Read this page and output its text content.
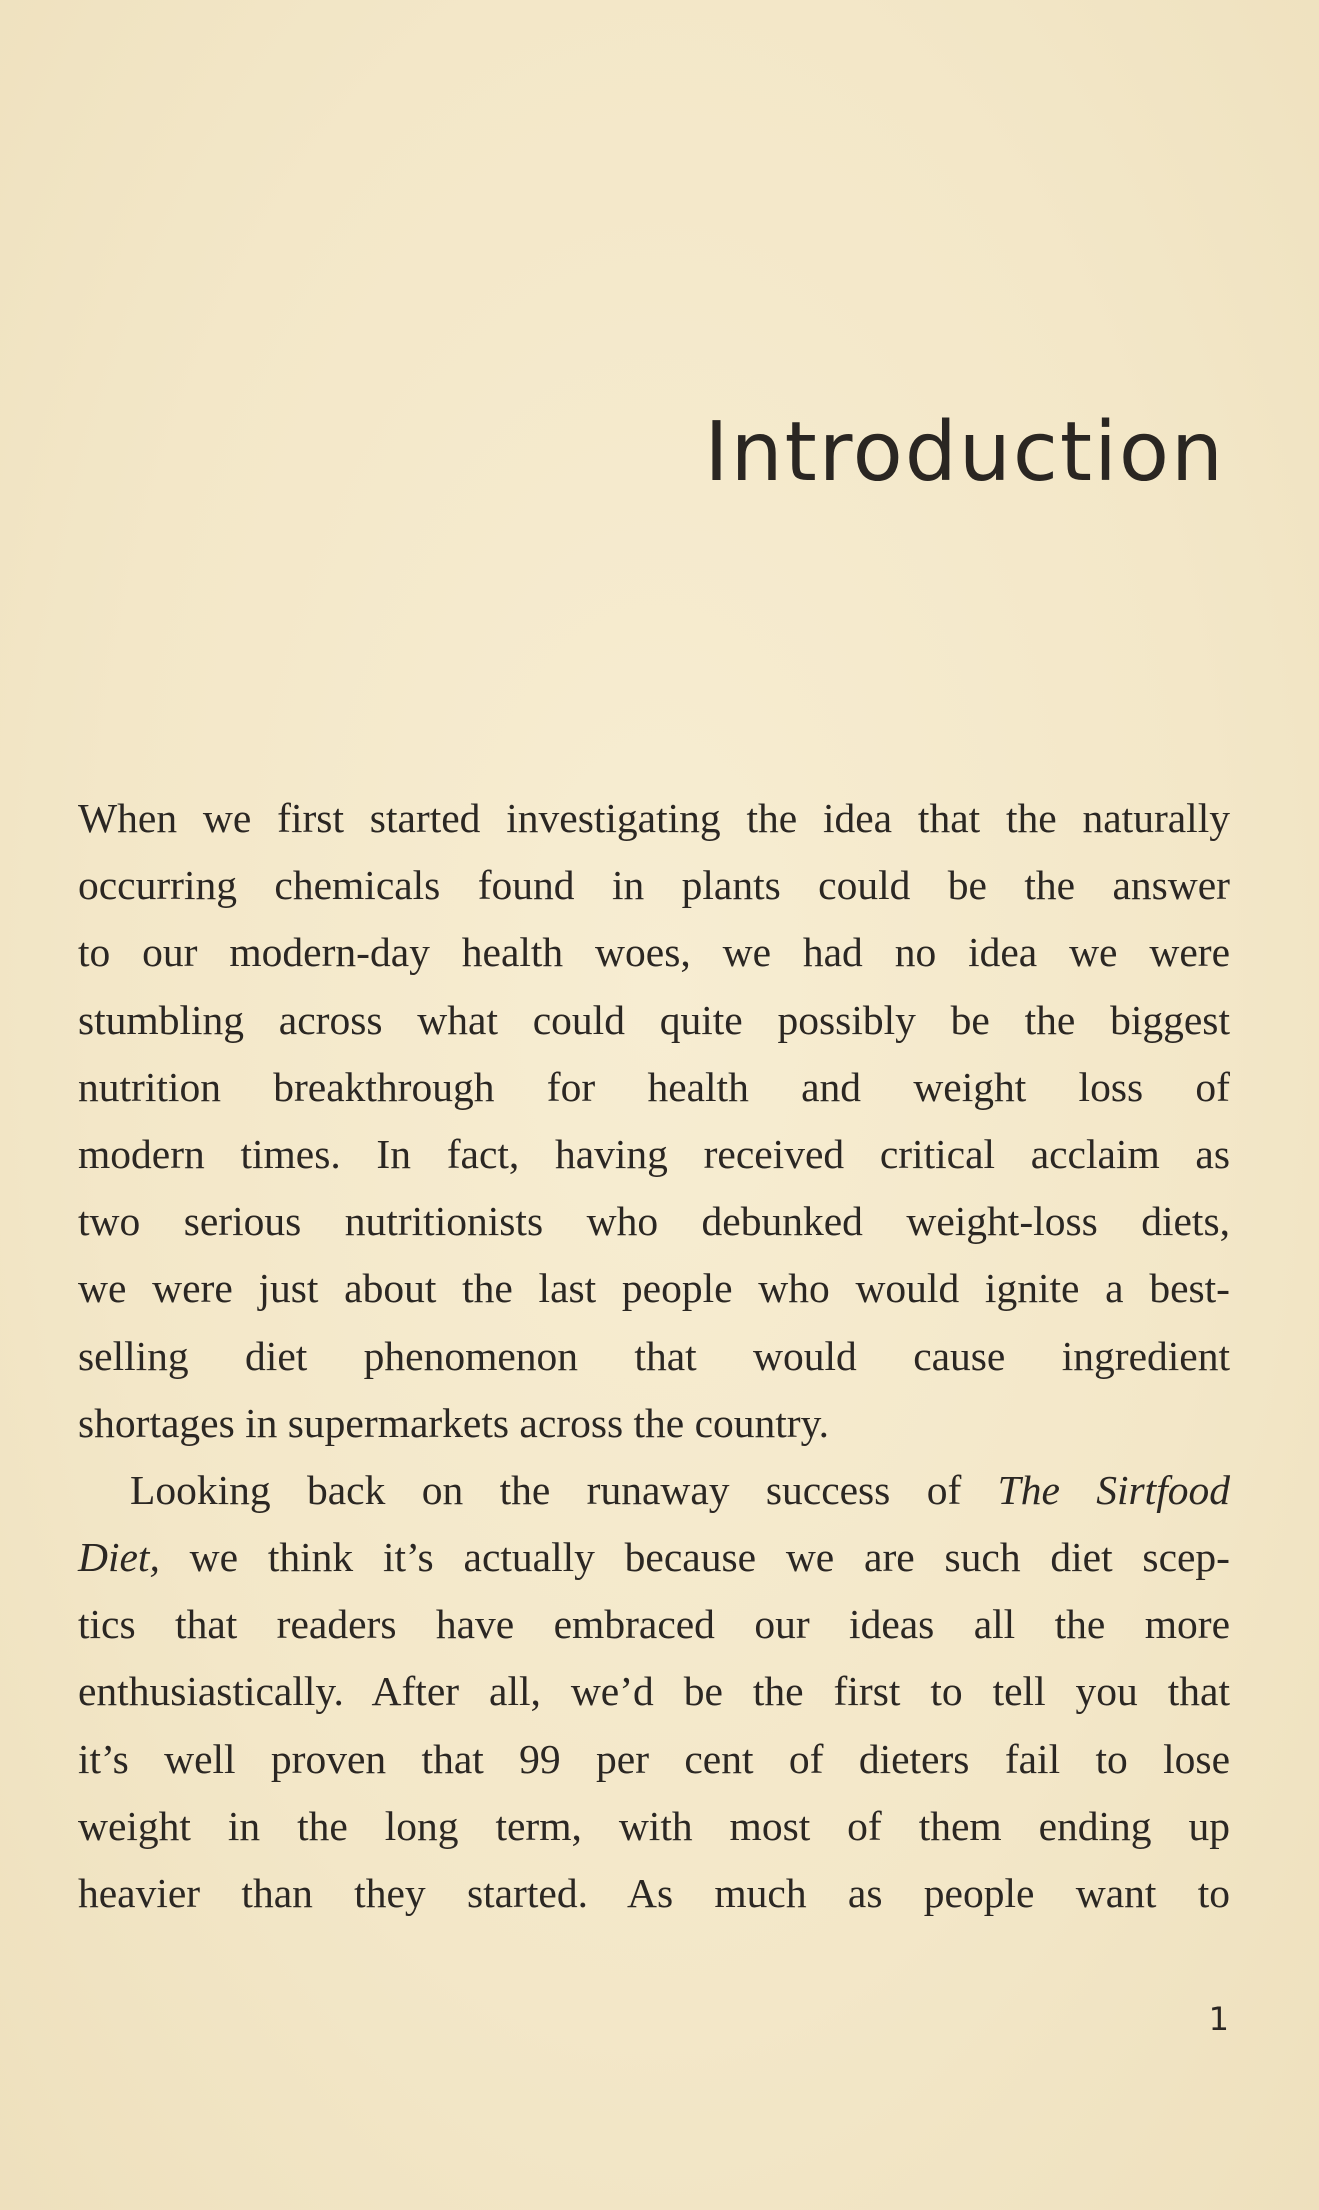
Introduction
When we first started investigating the idea that the naturally
occurring chemicals found in plants could be the answer
to our modern-day health woes, we had no idea we were
stumbling across what could quite possibly be the biggest
nutrition breakthrough for health and weight loss of
modern times. In fact, having received critical acclaim as
two serious nutritionists who debunked weight-loss diets,
we were just about the last people who would ignite a best-
selling diet phenomenon that would cause ingredient
shortages in supermarkets across the country.
Looking back on the runaway success of The Sirtfood
Diet, we think it’s actually because we are such diet scep-
tics that readers have embraced our ideas all the more
enthusiastically. After all, we’d be the first to tell you that
it’s well proven that 99 per cent of dieters fail to lose
weight in the long term, with most of them ending up
heavier than they started. As much as people want to
1
